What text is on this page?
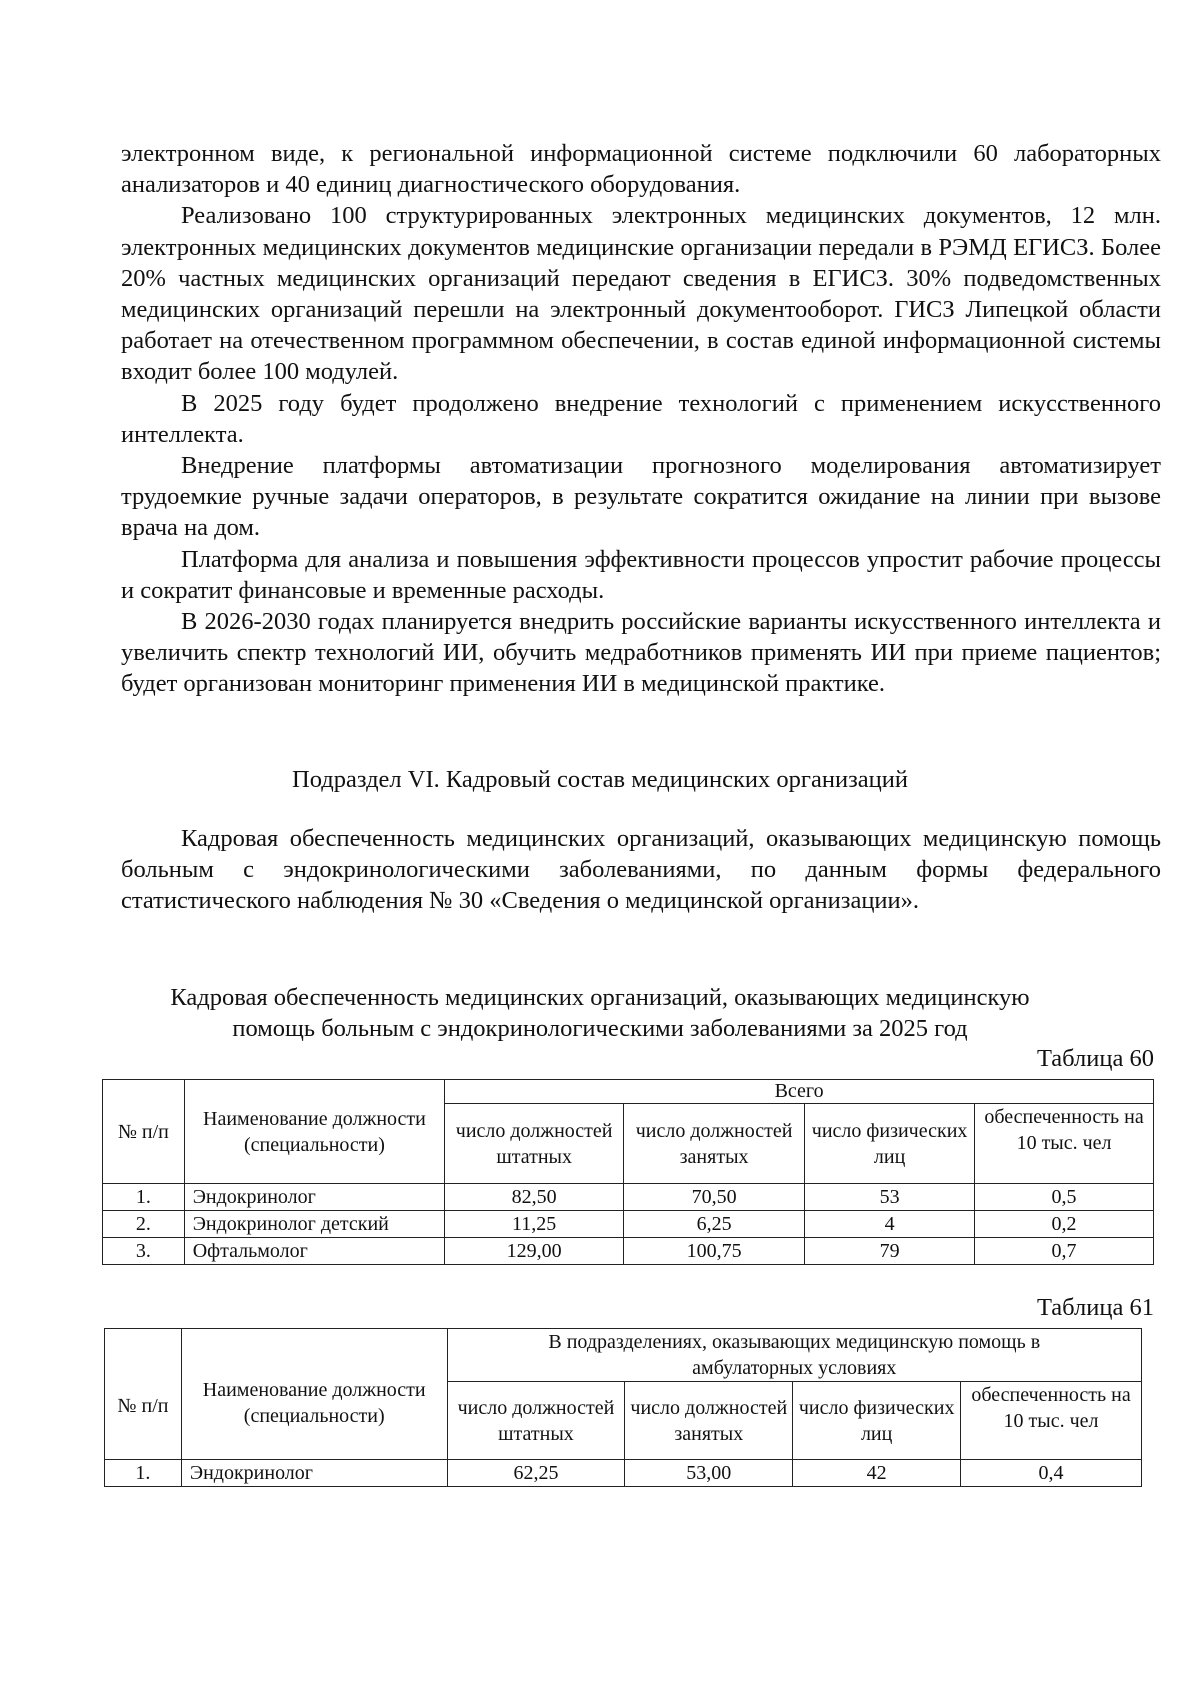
электронном виде, к региональной информационной системе подключили 60 лабораторных анализаторов и 40 единиц диагностического оборудования.

Реализовано 100 структурированных электронных медицинских документов, 12 млн. электронных медицинских документов медицинские организации передали в РЭМД ЕГИСЗ. Более 20% частных медицинских организаций передают сведения в ЕГИСЗ. 30% подведомственных медицинских организаций перешли на электронный документооборот. ГИСЗ Липецкой области работает на отечественном программном обеспечении, в состав единой информационной системы входит более 100 модулей.

В 2025 году будет продолжено внедрение технологий с применением искусственного интеллекта.

Внедрение платформы автоматизации прогнозного моделирования автоматизирует трудоемкие ручные задачи операторов, в результате сократится ожидание на линии при вызове врача на дом.

Платформа для анализа и повышения эффективности процессов упростит рабочие процессы и сократит финансовые и временные расходы.

В 2026-2030 годах планируется внедрить российские варианты искусственного интеллекта и увеличить спектр технологий ИИ, обучить медработников применять ИИ при приеме пациентов; будет организован мониторинг применения ИИ в медицинской практике.

Подраздел VI. Кадровый состав медицинских организаций

Кадровая обеспеченность медицинских организаций, оказывающих медицинскую помощь больным с эндокринологическими заболеваниями, по данным формы федерального статистического наблюдения № 30 «Сведения о медицинской организации».

Кадровая обеспеченность медицинских организаций, оказывающих медицинскую
помощь больным с эндокринологическими заболеваниями за 2025 год
Таблица 60
№ п/п	Наименование должности (специальности)	Всего			
		число должностей штатных	число должностей занятых	число физических лиц	обеспеченность на 10 тыс. чел
1.	Эндокринолог	82,50	70,50	53	0,5
2.	Эндокринолог детский	11,25	6,25	4	0,2
3.	Офтальмолог	129,00	100,75	79	0,7
Таблица 61
№ п/п	Наименование должности (специальности)	В подразделениях, оказывающих медицинскую помощь в амбулаторных условиях			
		число должностей штатных	число должностей занятых	число физических лиц	обеспеченность на 10 тыс. чел
1.	Эндокринолог	62,25	53,00	42	0,4
